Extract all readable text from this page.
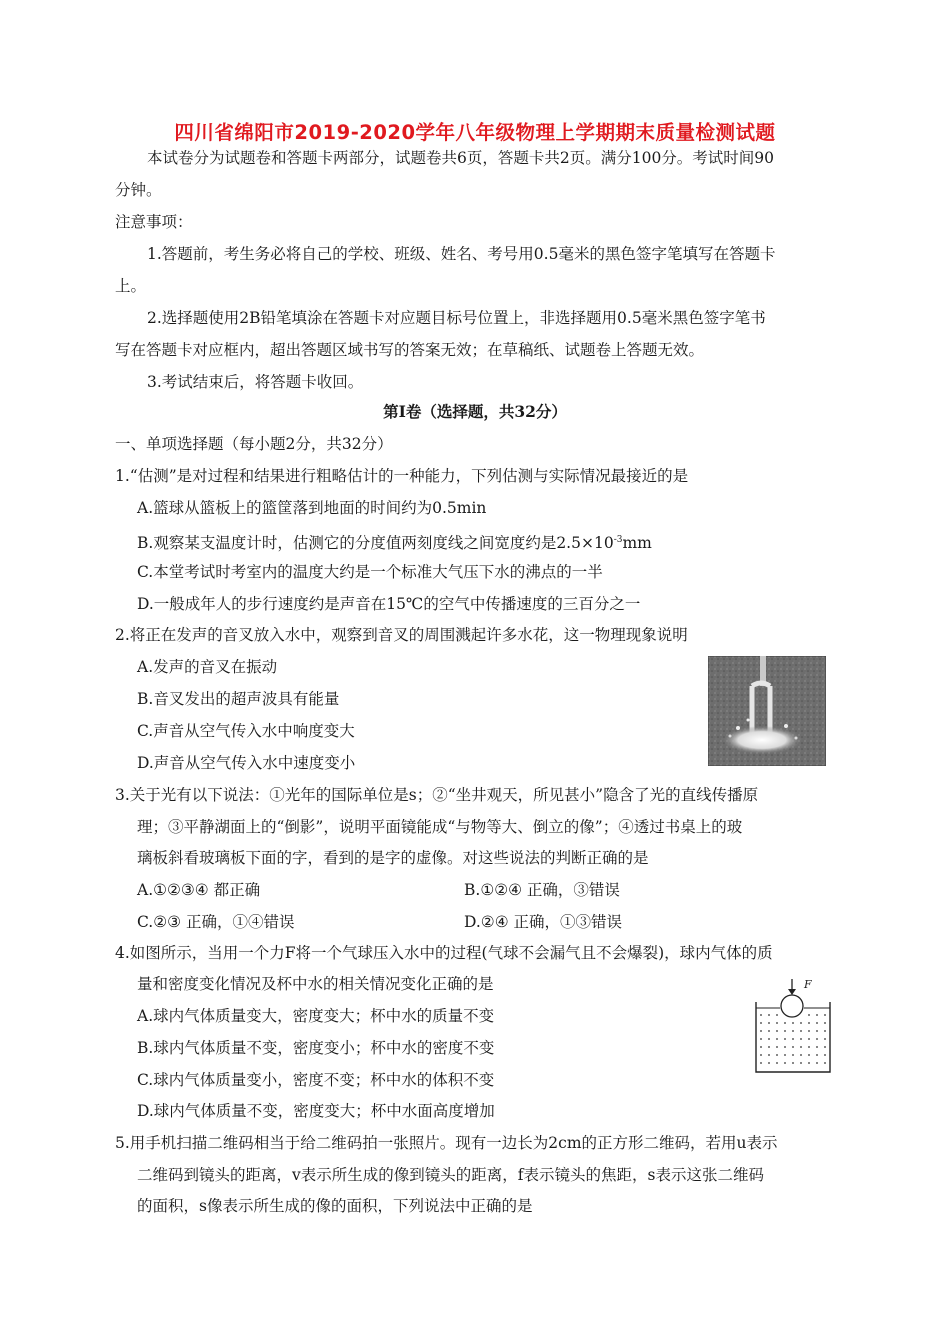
四川省绵阳市2019-2020学年八年级物理上学期期末质量检测试题
本试卷分为试题卷和答题卡两部分，试题卷共6页，答题卡共2页。满分100分。考试时间90
分钟。
注意事项：
1.答题前，考生务必将自己的学校、班级、姓名、考号用0.5毫米的黑色签字笔填写在答题卡
上。
2.选择题使用2B铅笔填涂在答题卡对应题目标号位置上，非选择题用0.5毫米黑色签字笔书
写在答题卡对应框内，超出答题区域书写的答案无效；在草稿纸、试题卷上答题无效。
3.考试结束后，将答题卡收回。
第Ⅰ卷（选择题，共32分）
一、单项选择题（每小题2分，共32分）
1.“估测”是对过程和结果进行粗略估计的一种能力，下列估测与实际情况最接近的是
A.篮球从篮板上的篮筐落到地面的时间约为0.5min
B.观察某支温度计时，估测它的分度值两刻度线之间宽度约是$2.5\times 10^{-3}mm$
C.本堂考试时考室内的温度大约是一个标准大气压下水的沸点的一半
D.一般成年人的步行速度约是声音在15℃的空气中传播速度的三百分之一
2.将正在发声的音叉放入水中，观察到音叉的周围溅起许多水花，这一物理现象说明
A.发声的音叉在振动
B.音叉发出的超声波具有能量
C.声音从空气传入水中响度变大
D.声音从空气传入水中速度变小
3.关于光有以下说法：①光年的国际单位是s；②“坐井观天，所见甚小”隐含了光的直线传播原
理；③平静湖面上的“倒影”，说明平面镜能成“与物等大、倒立的像”；④透过书桌上的玻
璃板斜看玻璃板下面的字，看到的是字的虚像。对这些说法的判断正确的是
A.①②③④ 都正确	B.①②④ 正确，③错误
C.②③ 正确，①④错误	D.②④ 正确，①③错误
4.如图所示，当用一个力F将一个气球压入水中的过程(气球不会漏气且不会爆裂)，球内气体的质
量和密度变化情况及杯中水的相关情况变化正确的是
A.球内气体质量变大，密度变大；杯中水的质量不变
B.球内气体质量不变，密度变小；杯中水的密度不变
C.球内气体质量变小，密度不变；杯中水的体积不变
D.球内气体质量不变，密度变大；杯中水面高度增加
F
5.用手机扫描二维码相当于给二维码拍一张照片。现有一边长为2cm的正方形二维码，若用u表示
二维码到镜头的距离，v表示所生成的像到镜头的距离，f表示镜头的焦距，s表示这张二维码
的面积，s像表示所生成的像的面积，下列说法中正确的是
